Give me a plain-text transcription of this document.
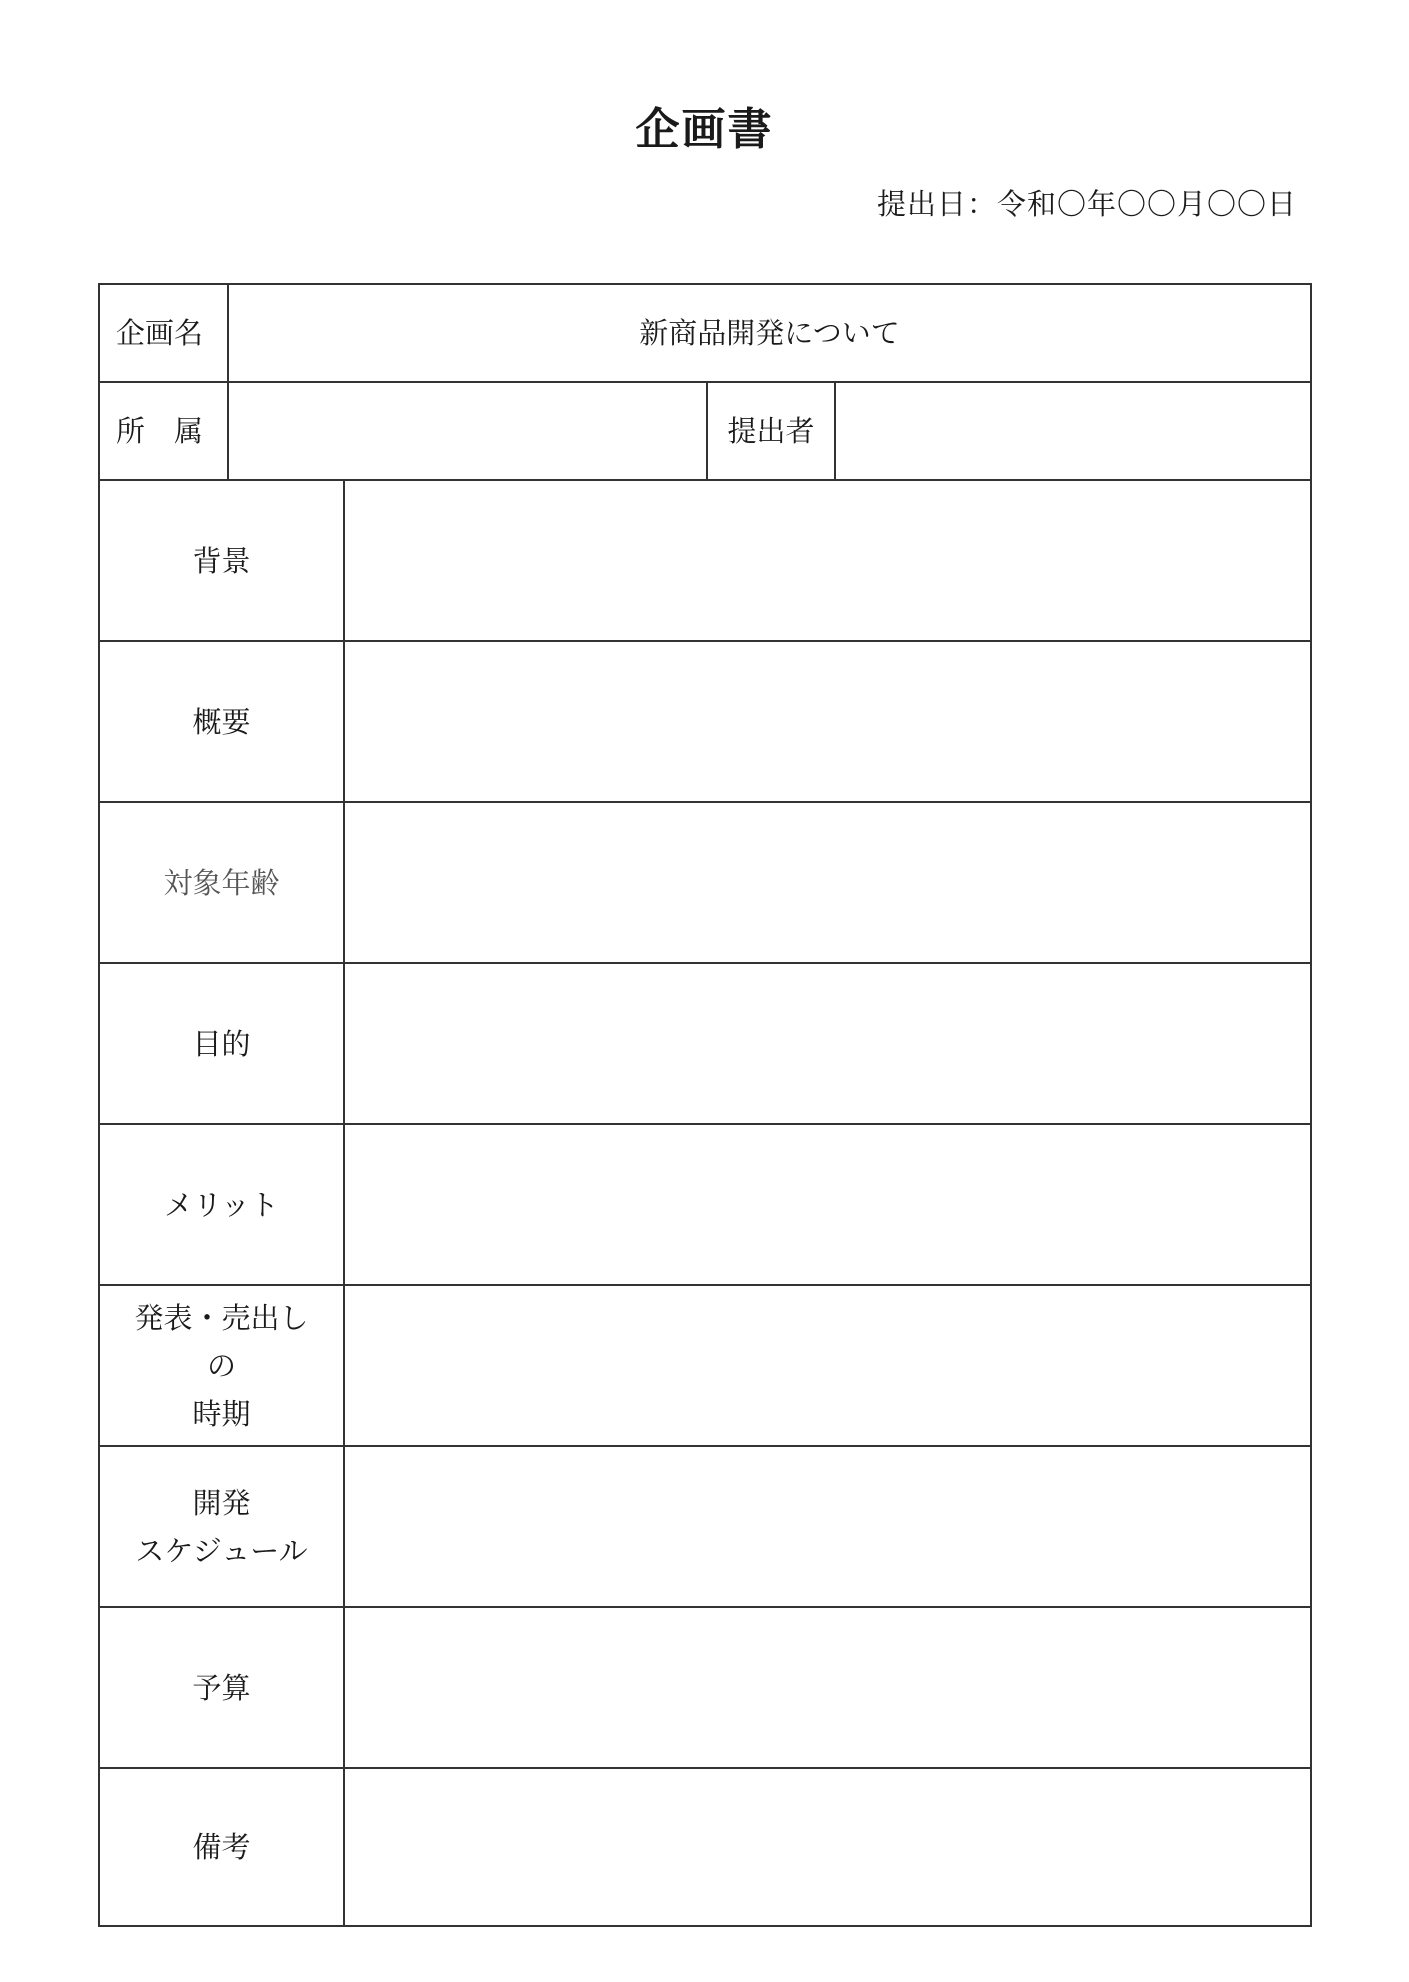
企画書
提出日：令和〇年〇〇月〇〇日
企画名	新商品開発について
所　属	提出者
背景
概要
対象年齢
目的
メリット
発表・売出し
の
時期
開発
スケジュール
予算
備考
